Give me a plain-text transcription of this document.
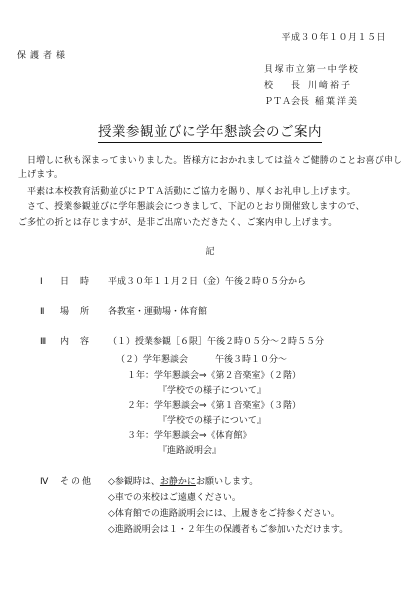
平成３０年１０月１５日
保護者様
貝塚市立第一中学校
校　　長 川﨑裕子
ＰＴＡ会長 稲葉洋美
授業参観並びに学年懇談会のご案内
日増しに秋も深まってまいりました。皆様方におかれましては益々ご健勝のことお喜び申し上げます。
平素は本校教育活動並びにＰＴＡ活動にご協力を賜り、厚くお礼申し上げます。
さて、授業参観並びに学年懇談会につきまして、下記のとおり開催致しますので、
ご多忙の折とは存じますが、是非ご出席いただきたく、ご案内申し上げます。
記
Ⅰ 日時 平成３０年１１月２日（金）午後２時０５分から
Ⅱ 場所 各教室・運動場・体育館
Ⅲ 内容 （１）授業参観［６限］午後２時０５分～２時５５分
（２）学年懇談会　　　午後３時１０分～
１年：学年懇談会⇒《第２音楽室》（２階）
『学校での様子について』
２年：学年懇談会⇒《第１音楽室》（３階）
『学校での様子について』
３年：学年懇談会⇒《体育館》
『進路説明会』
Ⅳ その他 ◇参観時は、お静かにお願いします。
◇車での来校はご遠慮ください。
◇体育館での進路説明会には、上履きをご持参ください。
◇進路説明会は１・２年生の保護者もご参加いただけます。
